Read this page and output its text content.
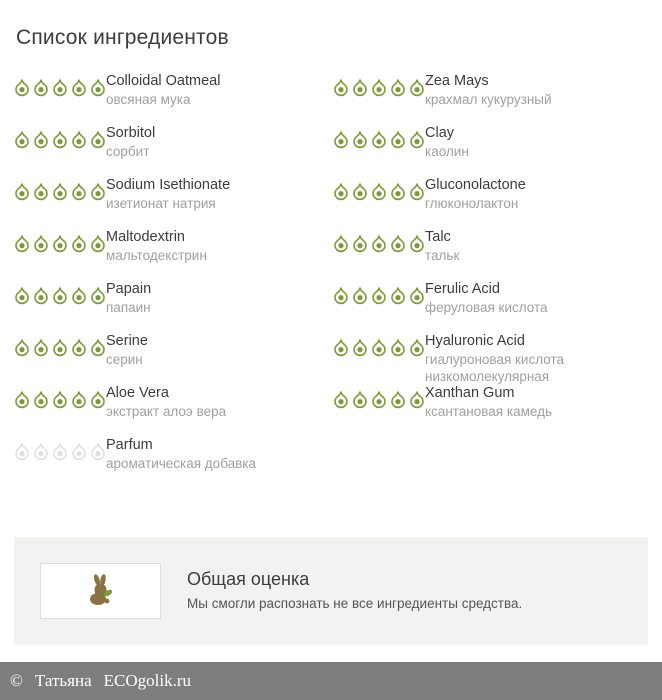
Список ингредиентов
Colloidal Oatmeal
овсяная мука
Sorbitol
сорбит
Sodium Isethionate
изетионат натрия
Maltodextrin
мальтодекстрин
Papain
папаин
Serine
серин
Aloe Vera
экстракт алоэ вера
Parfum
ароматическая добавка
Zea Mays
крахмал кукурузный
Clay
каолин
Gluconolactone
глюконолактон
Talc
тальк
Ferulic Acid
феруловая кислота
Hyaluronic Acid
гиалуроновая кислота низкомолекулярная
Xanthan Gum
ксантановая камедь
Общая оценка
Мы смогли распознать не все ингредиенты средства.
© Татьяна ECOgolik.ru
